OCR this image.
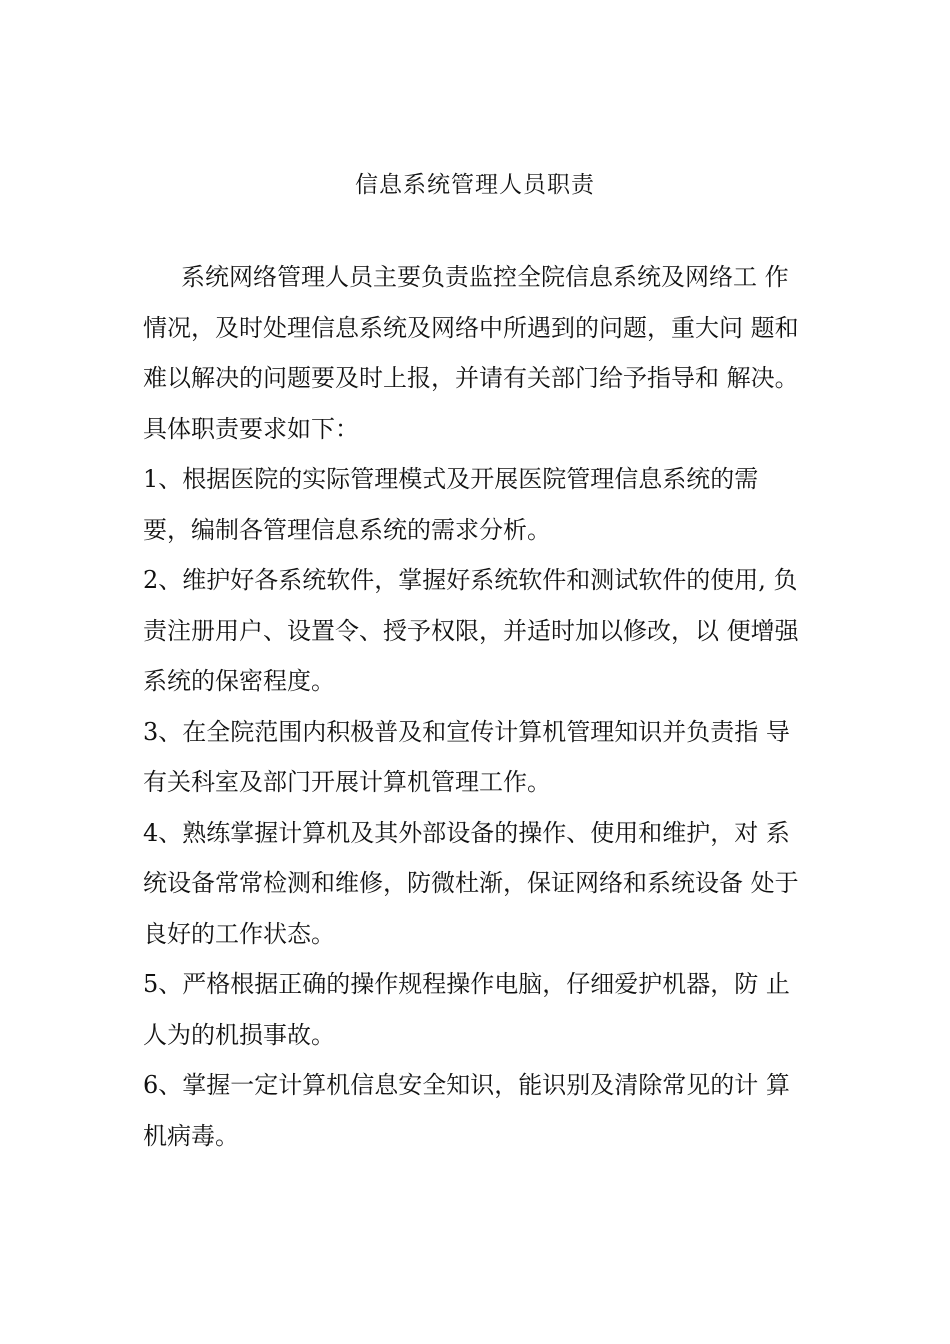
信息系统管理人员职责
系统网络管理人员主要负责监控全院信息系统及网络工 作
情况，及时处理信息系统及网络中所遇到的问题，重大问 题和
难以解决的问题要及时上报，并请有关部门给予指导和 解决。
具体职责要求如下：
1、根据医院的实际管理模式及开展医院管理信息系统的需
要，编制各管理信息系统的需求分析。
2、维护好各系统软件，掌握好系统软件和测试软件的使用, 负
责注册用户、设置令、授予权限，并适时加以修改，以 便增强
系统的保密程度。
3、在全院范围内积极普及和宣传计算机管理知识并负责指 导
有关科室及部门开展计算机管理工作。
4、熟练掌握计算机及其外部设备的操作、使用和维护，对 系
统设备常常检测和维修，防微杜渐，保证网络和系统设备 处于
良好的工作状态。
5、严格根据正确的操作规程操作电脑，仔细爱护机器，防 止
人为的机损事故。
6、掌握一定计算机信息安全知识，能识别及清除常见的计 算
机病毒。
